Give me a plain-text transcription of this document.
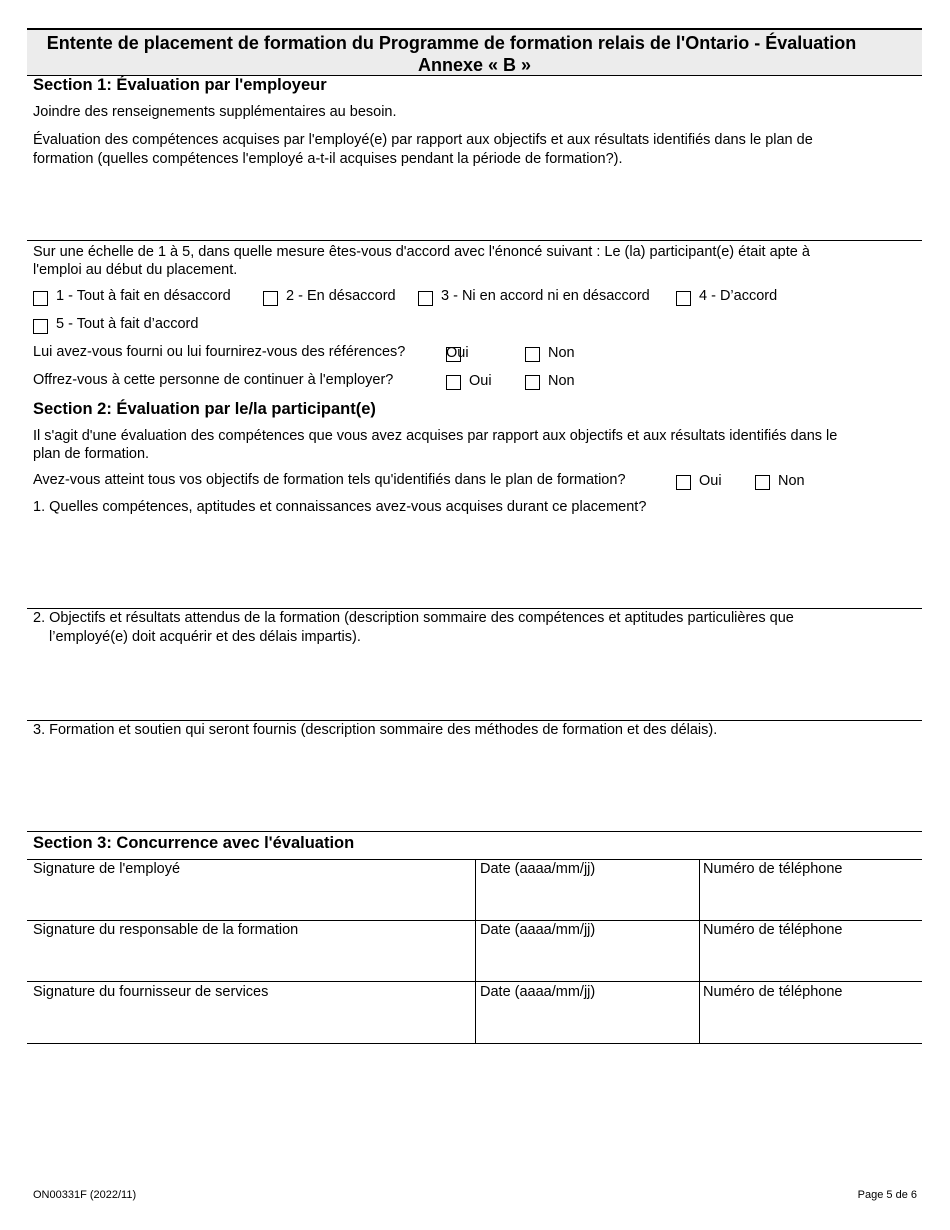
Entente de placement de formation du Programme de formation relais de l'Ontario - Évaluation
Annexe « B »
Section 1: Évaluation par l'employeur
Joindre des renseignements supplémentaires au besoin.
Évaluation des compétences acquises par l'employé(e) par rapport aux objectifs et aux résultats identifiés dans le plan de
formation (quelles compétences l'employé a-t-il acquises pendant la période de formation?).
Sur une échelle de 1 à 5, dans quelle mesure êtes-vous d'accord avec l'énoncé suivant : Le (la) participant(e) était apte à
l'emploi au début du placement.
1 - Tout à fait en désaccord	2 - En désaccord	3 - Ni en accord ni en désaccord	4 - D’accord
5 - Tout à fait d’accord
Lui avez-vous fourni ou lui fournirez-vous des références?	Oui	Non
Offrez-vous à cette personne de continuer à l'employer?	Oui	Non
Section 2: Évaluation par le/la participant(e)
Il s'agit d'une évaluation des compétences que vous avez acquises par rapport aux objectifs et aux résultats identifiés dans le
plan de formation.
Avez-vous atteint tous vos objectifs de formation tels qu'identifiés dans le plan de formation?	Oui	Non
1. Quelles compétences, aptitudes et connaissances avez-vous acquises durant ce placement?
2. Objectifs et résultats attendus de la formation (description sommaire des compétences et aptitudes particulières que
l’employé(e) doit acquérir et des délais impartis).
3. Formation et soutien qui seront fournis (description sommaire des méthodes de formation et des délais).
Section 3: Concurrence avec l'évaluation
Signature de l'employé	Date (aaaa/mm/jj)	Numéro de téléphone
Signature du responsable de la formation	Date (aaaa/mm/jj)	Numéro de téléphone
Signature du fournisseur de services	Date (aaaa/mm/jj)	Numéro de téléphone
ON00331F (2022/11)	Page 5 de 6
